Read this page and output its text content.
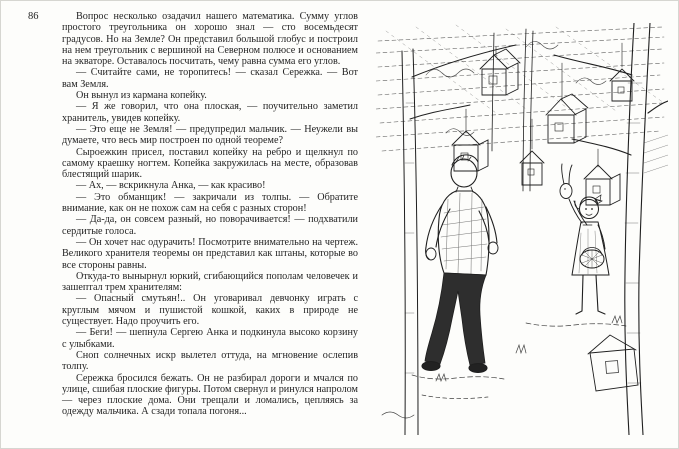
86	Вопрос несколько озадачил нашего математика. Сумму углов простого треугольника он хорошо знал — сто восемьдесят градусов. Но на Земле? Он представил большой глобус и построил на нем треугольник с вершиной на Северном полюсе и основанием на экваторе. Оставалось посчитать, чему равна сумма его углов.

— Считайте сами, не торопитесь! — сказал Сережка. — Вот вам Земля.

Он вынул из кармана копейку.

— Я же говорил, что она плоская, — поучительно заметил хранитель, увидев копейку.

— Это еще не Земля! — предупредил мальчик. — Неужели вы думаете, что весь мир построен по одной теореме?

Сыроежкин присел, поставил копейку на ребро и щелкнул по самому краешку ногтем. Копейка закружилась на месте, образовав блестящий шарик.

— Ах, — вскрикнула Анка, — как красиво!

— Это обманщик! — закричали из толпы. — Обратите внимание, как он не похож сам на себя с разных сторон!

— Да-да, он совсем разный, но поворачивается! — подхватили сердитые голоса.

— Он хочет нас одурачить! Посмотрите внимательно на чертеж. Великого хранителя теоремы он представил как штаны, которые во все стороны равны.

Откуда-то вынырнул юркий, сгибающийся пополам человечек и зашептал трем хранителям:

— Опасный смутьян!.. Он уговаривал девчонку играть с круглым мячом и пушистой кошкой, каких в природе не существует. Надо проучить его.

— Беги! — шепнула Сергею Анка и подкинула высоко корзину с улыбками.

Сноп солнечных искр вылетел оттуда, на мгновение ослепив толпу.

Сережка бросился бежать. Он не разбирал дороги и мчался по улице, сшибая плоские фигуры. Потом свернул и ринулся напролом — через плоские дома. Они трещали и ломались, цепляясь за одежду мальчика. А сзади топала погоня...
